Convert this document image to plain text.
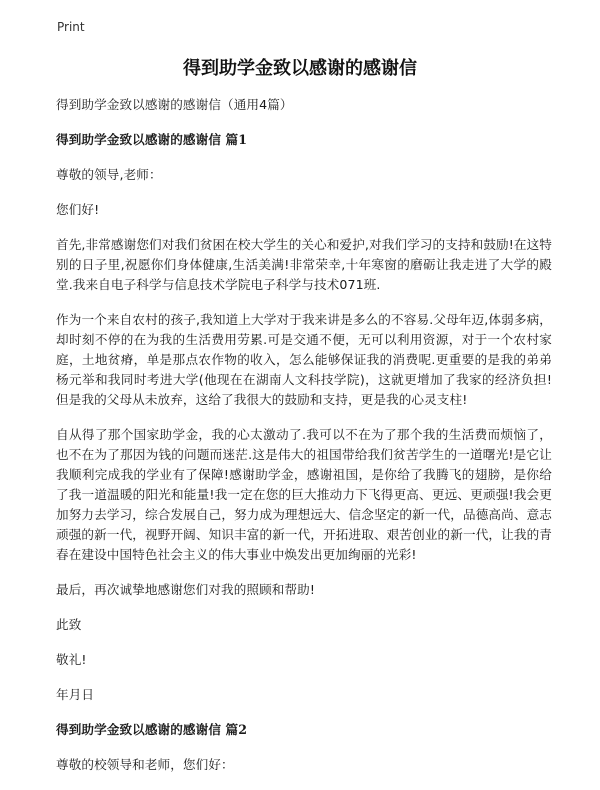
Print
得到助学金致以感谢的感谢信

得到助学金致以感谢的感谢信（通用4篇）

得到助学金致以感谢的感谢信 篇1

尊敬的领导,老师：

您们好!

首先,非常感谢您们对我们贫困在校大学生的关心和爱护,对我们学习的支持和鼓励!在这特别的日子里,祝愿你们身体健康,生活美满!非常荣幸,十年寒窗的磨砺让我走进了大学的殿堂.我来自电子科学与信息技术学院电子科学与技术071班.

作为一个来自农村的孩子,我知道上大学对于我来讲是多么的不容易.父母年迈,体弱多病，却时刻不停的在为我的生活费用劳累.可是交通不便，无可以利用资源，对于一个农村家庭，土地贫瘠，单是那点农作物的收入，怎么能够保证我的消费呢.更重要的是我的弟弟杨元举和我同时考进大学(他现在在湖南人文科技学院)，这就更增加了我家的经济负担!但是我的父母从未放弃，这给了我很大的鼓励和支持，更是我的心灵支柱!

自从得了那个国家助学金，我的心太激动了.我可以不在为了那个我的生活费而烦恼了，也不在为了那因为钱的问题而迷茫.这是伟大的祖国带给我们贫苦学生的一道曙光!是它让我顺利完成我的学业有了保障!感谢助学金，感谢祖国，是你给了我腾飞的翅膀，是你给了我一道温暖的阳光和能量!我一定在您的巨大推动力下飞得更高、更远、更顽强!我会更加努力去学习，综合发展自己，努力成为理想远大、信念坚定的新一代，品德高尚、意志顽强的新一代，视野开阔、知识丰富的新一代，开拓进取、艰苦创业的新一代，让我的青春在建设中国特色社会主义的伟大事业中焕发出更加绚丽的光彩!

最后，再次诚挚地感谢您们对我的照顾和帮助!

此致

敬礼!

年月日

得到助学金致以感谢的感谢信 篇2

尊敬的校领导和老师，您们好：
